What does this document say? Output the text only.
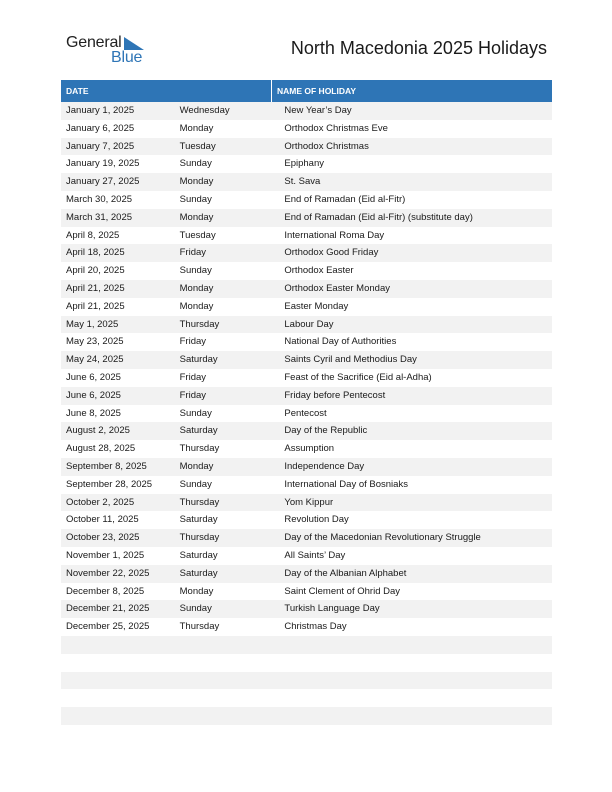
General
Blue	North Macedonia 2025 Holidays
DATE	NAME OF HOLIDAY
January 1, 2025	Wednesday	New Year’s Day
January 6, 2025	Monday	Orthodox Christmas Eve
January 7, 2025	Tuesday	Orthodox Christmas
January 19, 2025	Sunday	Epiphany
January 27, 2025	Monday	St. Sava
March 30, 2025	Sunday	End of Ramadan (Eid al-Fitr)
March 31, 2025	Monday	End of Ramadan (Eid al-Fitr) (substitute day)
April 8, 2025	Tuesday	International Roma Day
April 18, 2025	Friday	Orthodox Good Friday
April 20, 2025	Sunday	Orthodox Easter
April 21, 2025	Monday	Orthodox Easter Monday
April 21, 2025	Monday	Easter Monday
May 1, 2025	Thursday	Labour Day
May 23, 2025	Friday	National Day of Authorities
May 24, 2025	Saturday	Saints Cyril and Methodius Day
June 6, 2025	Friday	Feast of the Sacrifice (Eid al-Adha)
June 6, 2025	Friday	Friday before Pentecost
June 8, 2025	Sunday	Pentecost
August 2, 2025	Saturday	Day of the Republic
August 28, 2025	Thursday	Assumption
September 8, 2025	Monday	Independence Day
September 28, 2025	Sunday	International Day of Bosniaks
October 2, 2025	Thursday	Yom Kippur
October 11, 2025	Saturday	Revolution Day
October 23, 2025	Thursday	Day of the Macedonian Revolutionary Struggle
November 1, 2025	Saturday	All Saints’ Day
November 22, 2025	Saturday	Day of the Albanian Alphabet
December 8, 2025	Monday	Saint Clement of Ohrid Day
December 21, 2025	Sunday	Turkish Language Day
December 25, 2025	Thursday	Christmas Day
